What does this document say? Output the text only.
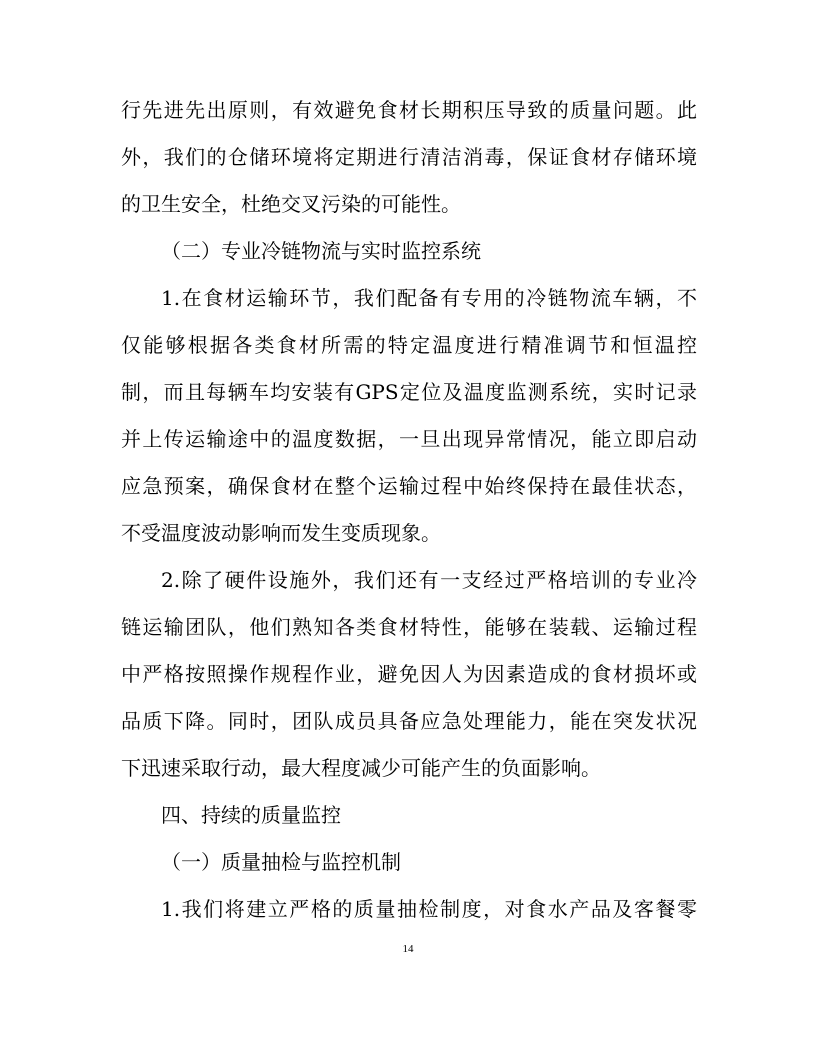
行先进先出原则，有效避免食材长期积压导致的质量问题。此
外，我们的仓储环境将定期进行清洁消毒，保证食材存储环境
的卫生安全，杜绝交叉污染的可能性。
（二）专业冷链物流与实时监控系统
1.在食材运输环节，我们配备有专用的冷链物流车辆，不
仅能够根据各类食材所需的特定温度进行精准调节和恒温控
制，而且每辆车均安装有GPS定位及温度监测系统，实时记录
并上传运输途中的温度数据，一旦出现异常情况，能立即启动
应急预案，确保食材在整个运输过程中始终保持在最佳状态，
不受温度波动影响而发生变质现象。
2.除了硬件设施外，我们还有一支经过严格培训的专业冷
链运输团队，他们熟知各类食材特性，能够在装载、运输过程
中严格按照操作规程作业，避免因人为因素造成的食材损坏或
品质下降。同时，团队成员具备应急处理能力，能在突发状况
下迅速采取行动，最大程度减少可能产生的负面影响。
四、持续的质量监控
（一）质量抽检与监控机制
1.我们将建立严格的质量抽检制度，对食水产品及客餐零
14
